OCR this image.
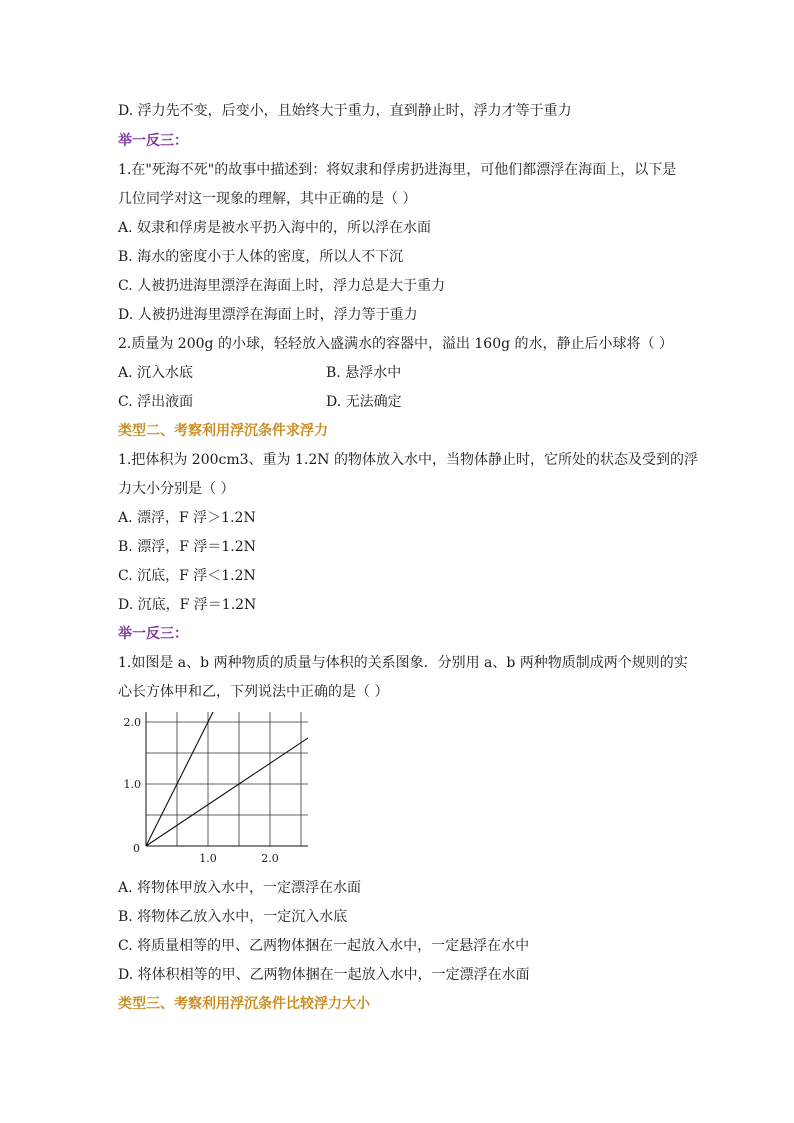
D. 浮力先不变，后变小，且始终大于重力，直到静止时，浮力才等于重力
举一反三：
1.在"死海不死"的故事中描述到：将奴隶和俘虏扔进海里，可他们都漂浮在海面上，以下是
几位同学对这一现象的理解，其中正确的是（ ）
A. 奴隶和俘虏是被水平扔入海中的，所以浮在水面
B. 海水的密度小于人体的密度，所以人不下沉
C. 人被扔进海里漂浮在海面上时，浮力总是大于重力
D. 人被扔进海里漂浮在海面上时，浮力等于重力
2.质量为 200g 的小球，轻轻放入盛满水的容器中，溢出 160g 的水，静止后小球将（ ）
A. 沉入水底	B. 悬浮水中
C. 浮出液面	D. 无法确定
类型二、考察利用浮沉条件求浮力
1.把体积为 200cm3、重为 1.2N 的物体放入水中，当物体静止时，它所处的状态及受到的浮
力大小分别是（ ）
A. 漂浮，F 浮＞1.2N
B. 漂浮，F 浮＝1.2N
C. 沉底，F 浮＜1.2N
D. 沉底，F 浮＝1.2N
举一反三：
1.如图是 a、b 两种物质的质量与体积的关系图象．分别用 a、b 两种物质制成两个规则的实
心长方体甲和乙，下列说法中正确的是（ ）
1.0	2.0
1.0
2.0
0
A. 将物体甲放入水中，一定漂浮在水面
B. 将物体乙放入水中，一定沉入水底
C. 将质量相等的甲、乙两物体捆在一起放入水中，一定悬浮在水中
D. 将体积相等的甲、乙两物体捆在一起放入水中，一定漂浮在水面
类型三、考察利用浮沉条件比较浮力大小
